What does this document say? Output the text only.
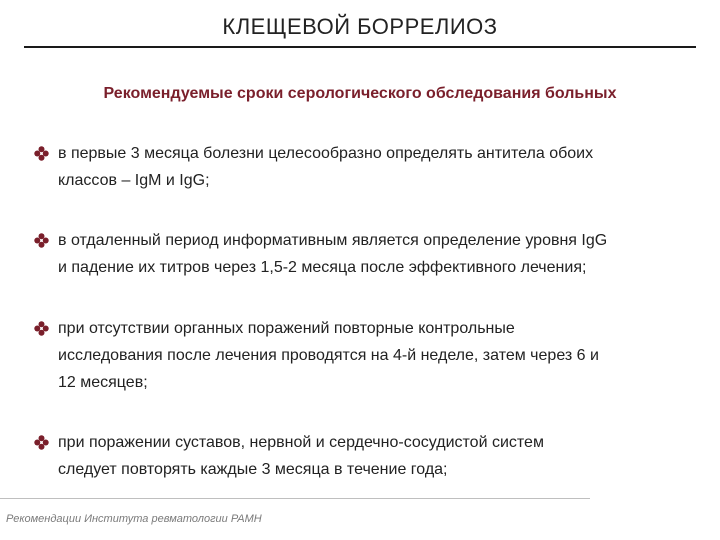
КЛЕЩЕВОЙ БОРРЕЛИОЗ
Рекомендуемые сроки серологического обследования больных
в первые 3 месяца болезни целесообразно определять антитела обоих
классов – IgM и IgG;
в отдаленный период информативным является определение уровня IgG
и падение их титров через 1,5-2 месяца после эффективного лечения;
при отсутствии органных поражений повторные контрольные
исследования после лечения проводятся на 4-й неделе, затем через 6 и
12 месяцев;
при поражении суставов, нервной и сердечно-сосудистой систем
следует повторять каждые 3 месяца в течение года;
Рекомендации Института ревматологии РАМН
